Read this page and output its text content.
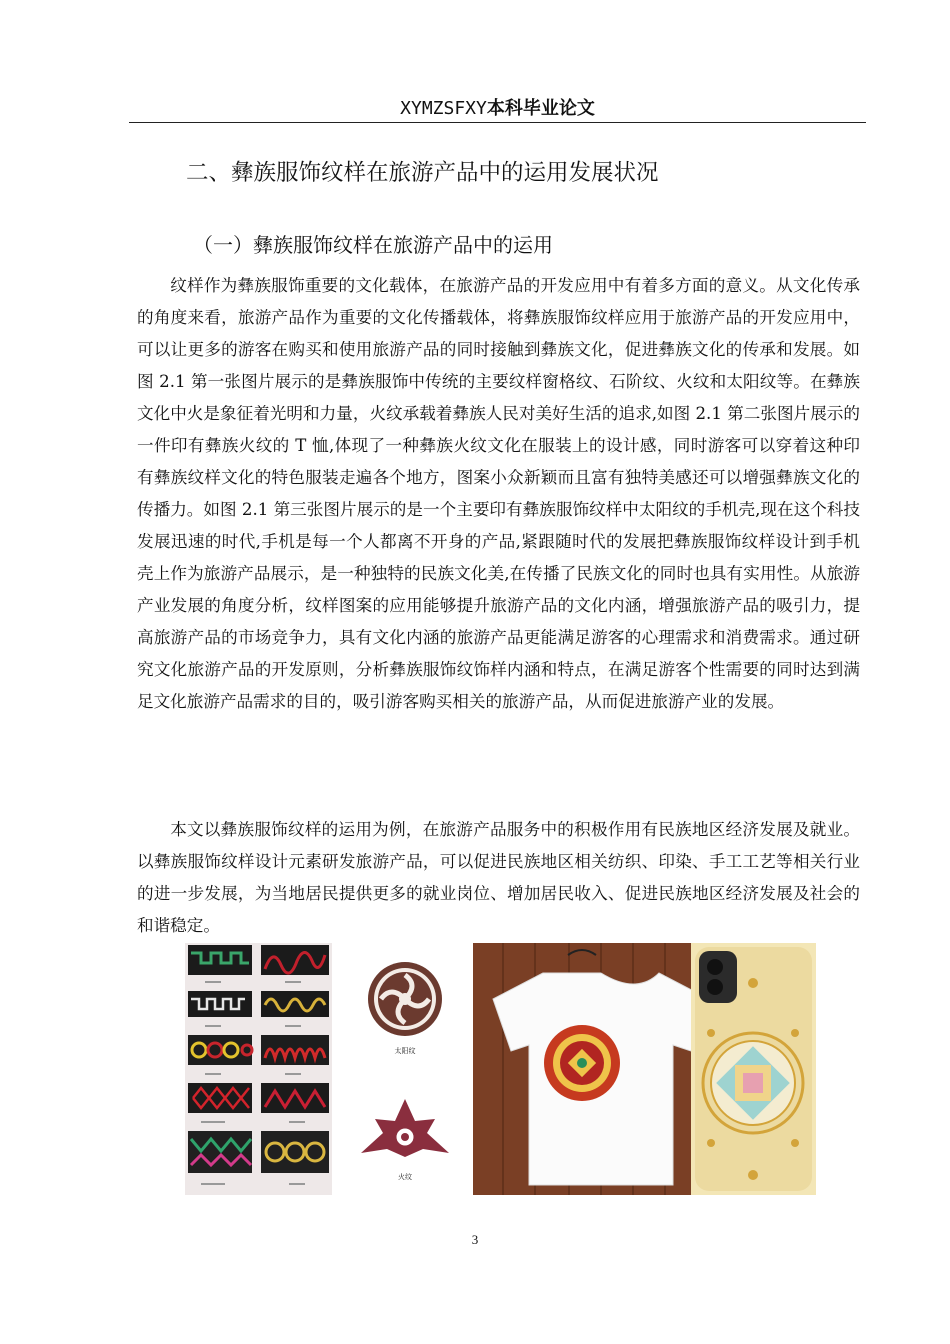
XYMZSFXY本科毕业论文
二、彝族服饰纹样在旅游产品中的运用发展状况
（一）彝族服饰纹样在旅游产品中的运用

纹样作为彝族服饰重要的文化载体，在旅游产品的开发应用中有着多方面的意义。从文化传承的角度来看，旅游产品作为重要的文化传播载体，将彝族服饰纹样应用于旅游产品的开发应用中，可以让更多的游客在购买和使用旅游产品的同时接触到彝族文化，促进彝族文化的传承和发展。如图 2.1 第一张图片展示的是彝族服饰中传统的主要纹样窗格纹、石阶纹、火纹和太阳纹等。在彝族文化中火是象征着光明和力量，火纹承载着彝族人民对美好生活的追求,如图 2.1 第二张图片展示的一件印有彝族火纹的 T 恤,体现了一种彝族火纹文化在服装上的设计感，同时游客可以穿着这种印有彝族纹样文化的特色服装走遍各个地方，图案小众新颖而且富有独特美感还可以增强彝族文化的传播力。如图 2.1 第三张图片展示的是一个主要印有彝族服饰纹样中太阳纹的手机壳,现在这个科技发展迅速的时代,手机是每一个人都离不开身的产品,紧跟随时代的发展把彝族服饰纹样设计到手机壳上作为旅游产品展示，是一种独特的民族文化美,在传播了民族文化的同时也具有实用性。从旅游产业发展的角度分析，纹样图案的应用能够提升旅游产品的文化内涵，增强旅游产品的吸引力，提高旅游产品的市场竞争力，具有文化内涵的旅游产品更能满足游客的心理需求和消费需求。通过研究文化旅游产品的开发原则，分析彝族服饰纹饰样内涵和特点，在满足游客个性需要的同时达到满足文化旅游产品需求的目的，吸引游客购买相关的旅游产品，从而促进旅游产业的发展。

本文以彝族服饰纹样的运用为例，在旅游产品服务中的积极作用有民族地区经济发展及就业。以彝族服饰纹样设计元素研发旅游产品，可以促进民族地区相关纺织、印染、手工工艺等相关行业的进一步发展，为当地居民提供更多的就业岗位、增加居民收入、促进民族地区经济发展及社会的和谐稳定。

太阳纹
火纹
3
